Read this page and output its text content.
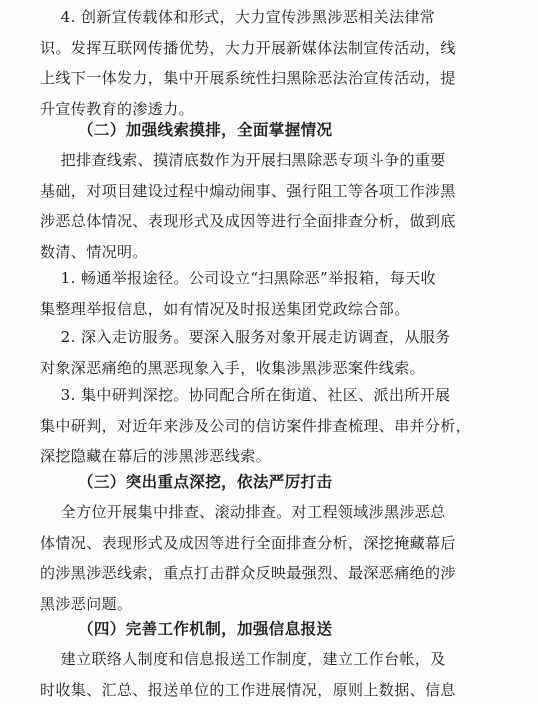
4. 创新宣传载体和形式，大力宣传涉黑涉恶相关法律常
识。发挥互联网传播优势，大力开展新媒体法制宣传活动，线
上线下一体发力，集中开展系统性扫黑除恶法治宣传活动，提
升宣传教育的渗透力。
（二）加强线索摸排，全面掌握情况
把排查线索、摸清底数作为开展扫黑除恶专项斗争的重要
基础，对项目建设过程中煽动闹事、强行阻工等各项工作涉黑
涉恶总体情况、表现形式及成因等进行全面排查分析，做到底
数清、情况明。
1. 畅通举报途径。公司设立“扫黑除恶”举报箱，每天收
集整理举报信息，如有情况及时报送集团党政综合部。
2. 深入走访服务。要深入服务对象开展走访调查，从服务
对象深恶痛绝的黑恶现象入手，收集涉黑涉恶案件线索。
3. 集中研判深挖。协同配合所在街道、社区、派出所开展
集中研判，对近年来涉及公司的信访案件排查梳理、串并分析，
深挖隐藏在幕后的涉黑涉恶线索。
（三）突出重点深挖，依法严厉打击
全方位开展集中排查、滚动排查。对工程领域涉黑涉恶总
体情况、表现形式及成因等进行全面排查分析，深挖掩藏幕后
的涉黑涉恶线索，重点打击群众反映最强烈、最深恶痛绝的涉
黑涉恶问题。
（四）完善工作机制，加强信息报送
建立联络人制度和信息报送工作制度，建立工作台帐，及
时收集、汇总、报送单位的工作进展情况，原则上数据、信息
